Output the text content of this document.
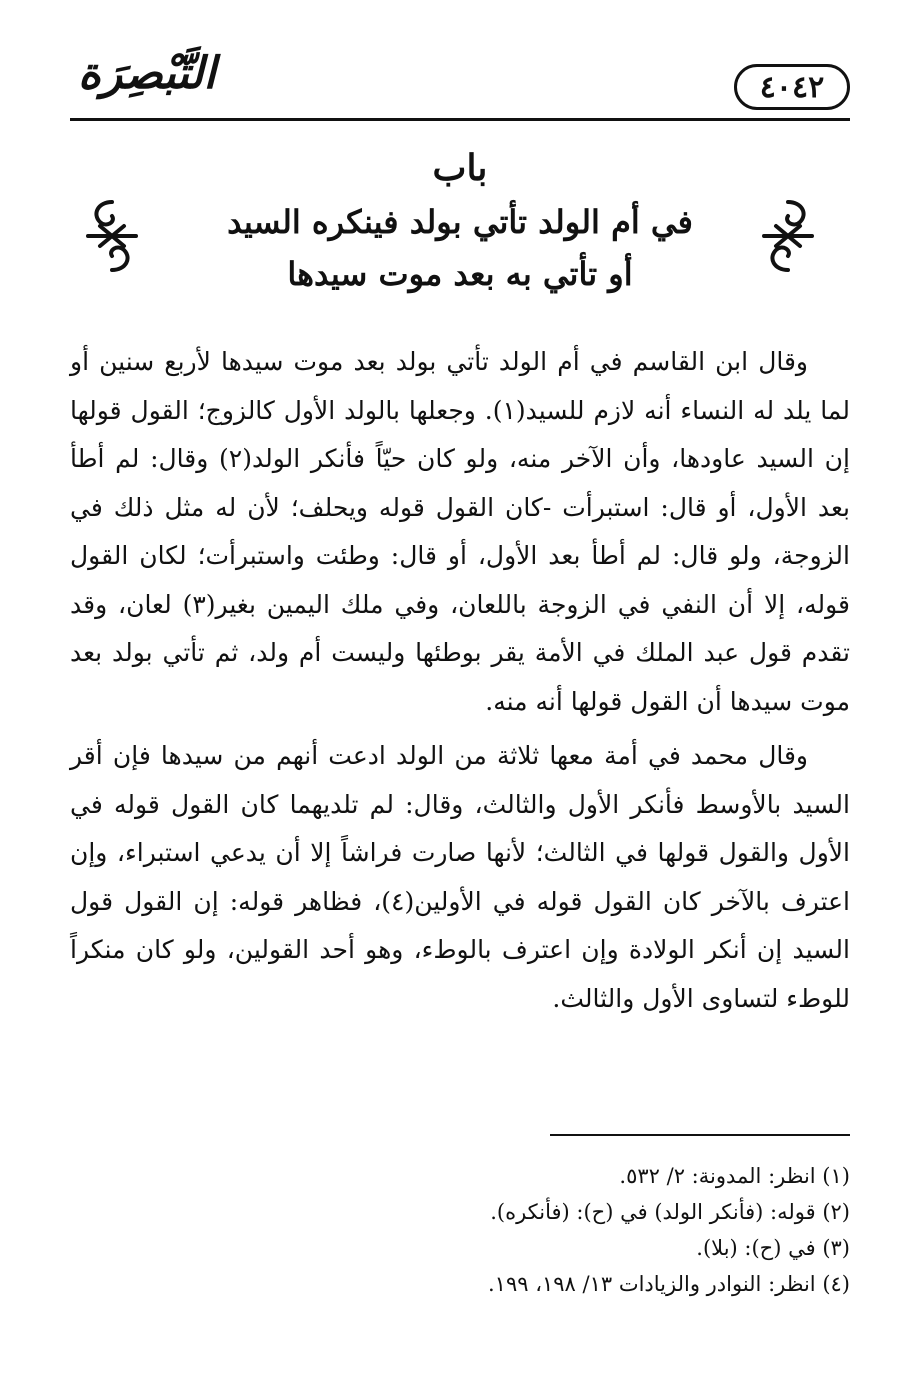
التَّبْصِرَة	٤٠٤٢
باب
في أم الولد تأتي بولد فينكره السيد
أو تأتي به بعد موت سيدها

وقال ابن القاسم في أم الولد تأتي بولد بعد موت سيدها لأربع سنين أو لما يلد له النساء أنه لازم للسيد(١). وجعلها بالولد الأول كالزوج؛ القول قولها إن السيد عاودها، وأن الآخر منه، ولو كان حيّاً فأنكر الولد(٢) وقال: لم أطأ بعد الأول، أو قال: استبرأت -كان القول قوله ويحلف؛ لأن له مثل ذلك في الزوجة، ولو قال: لم أطأ بعد الأول، أو قال: وطئت واستبرأت؛ لكان القول قوله، إلا أن النفي في الزوجة باللعان، وفي ملك اليمين بغير(٣) لعان، وقد تقدم قول عبد الملك في الأمة يقر بوطئها وليست أم ولد، ثم تأتي بولد بعد موت سيدها أن القول قولها أنه منه.

وقال محمد في أمة معها ثلاثة من الولد ادعت أنهم من سيدها فإن أقر السيد بالأوسط فأنكر الأول والثالث، وقال: لم تلديهما كان القول قوله في الأول والقول قولها في الثالث؛ لأنها صارت فراشاً إلا أن يدعي استبراء، وإن اعترف بالآخر كان القول قوله في الأولين(٤)، فظاهر قوله: إن القول قول السيد إن أنكر الولادة وإن اعترف بالوطء، وهو أحد القولين، ولو كان منكراً للوطء لتساوى الأول والثالث.

(١) انظر: المدونة: ٢/ ٥٣٢.
(٢) قوله: (فأنكر الولد) في (ح): (فأنكره).
(٣) في (ح): (بلا).
(٤) انظر: النوادر والزيادات ١٣/ ١٩٨، ١٩٩.
